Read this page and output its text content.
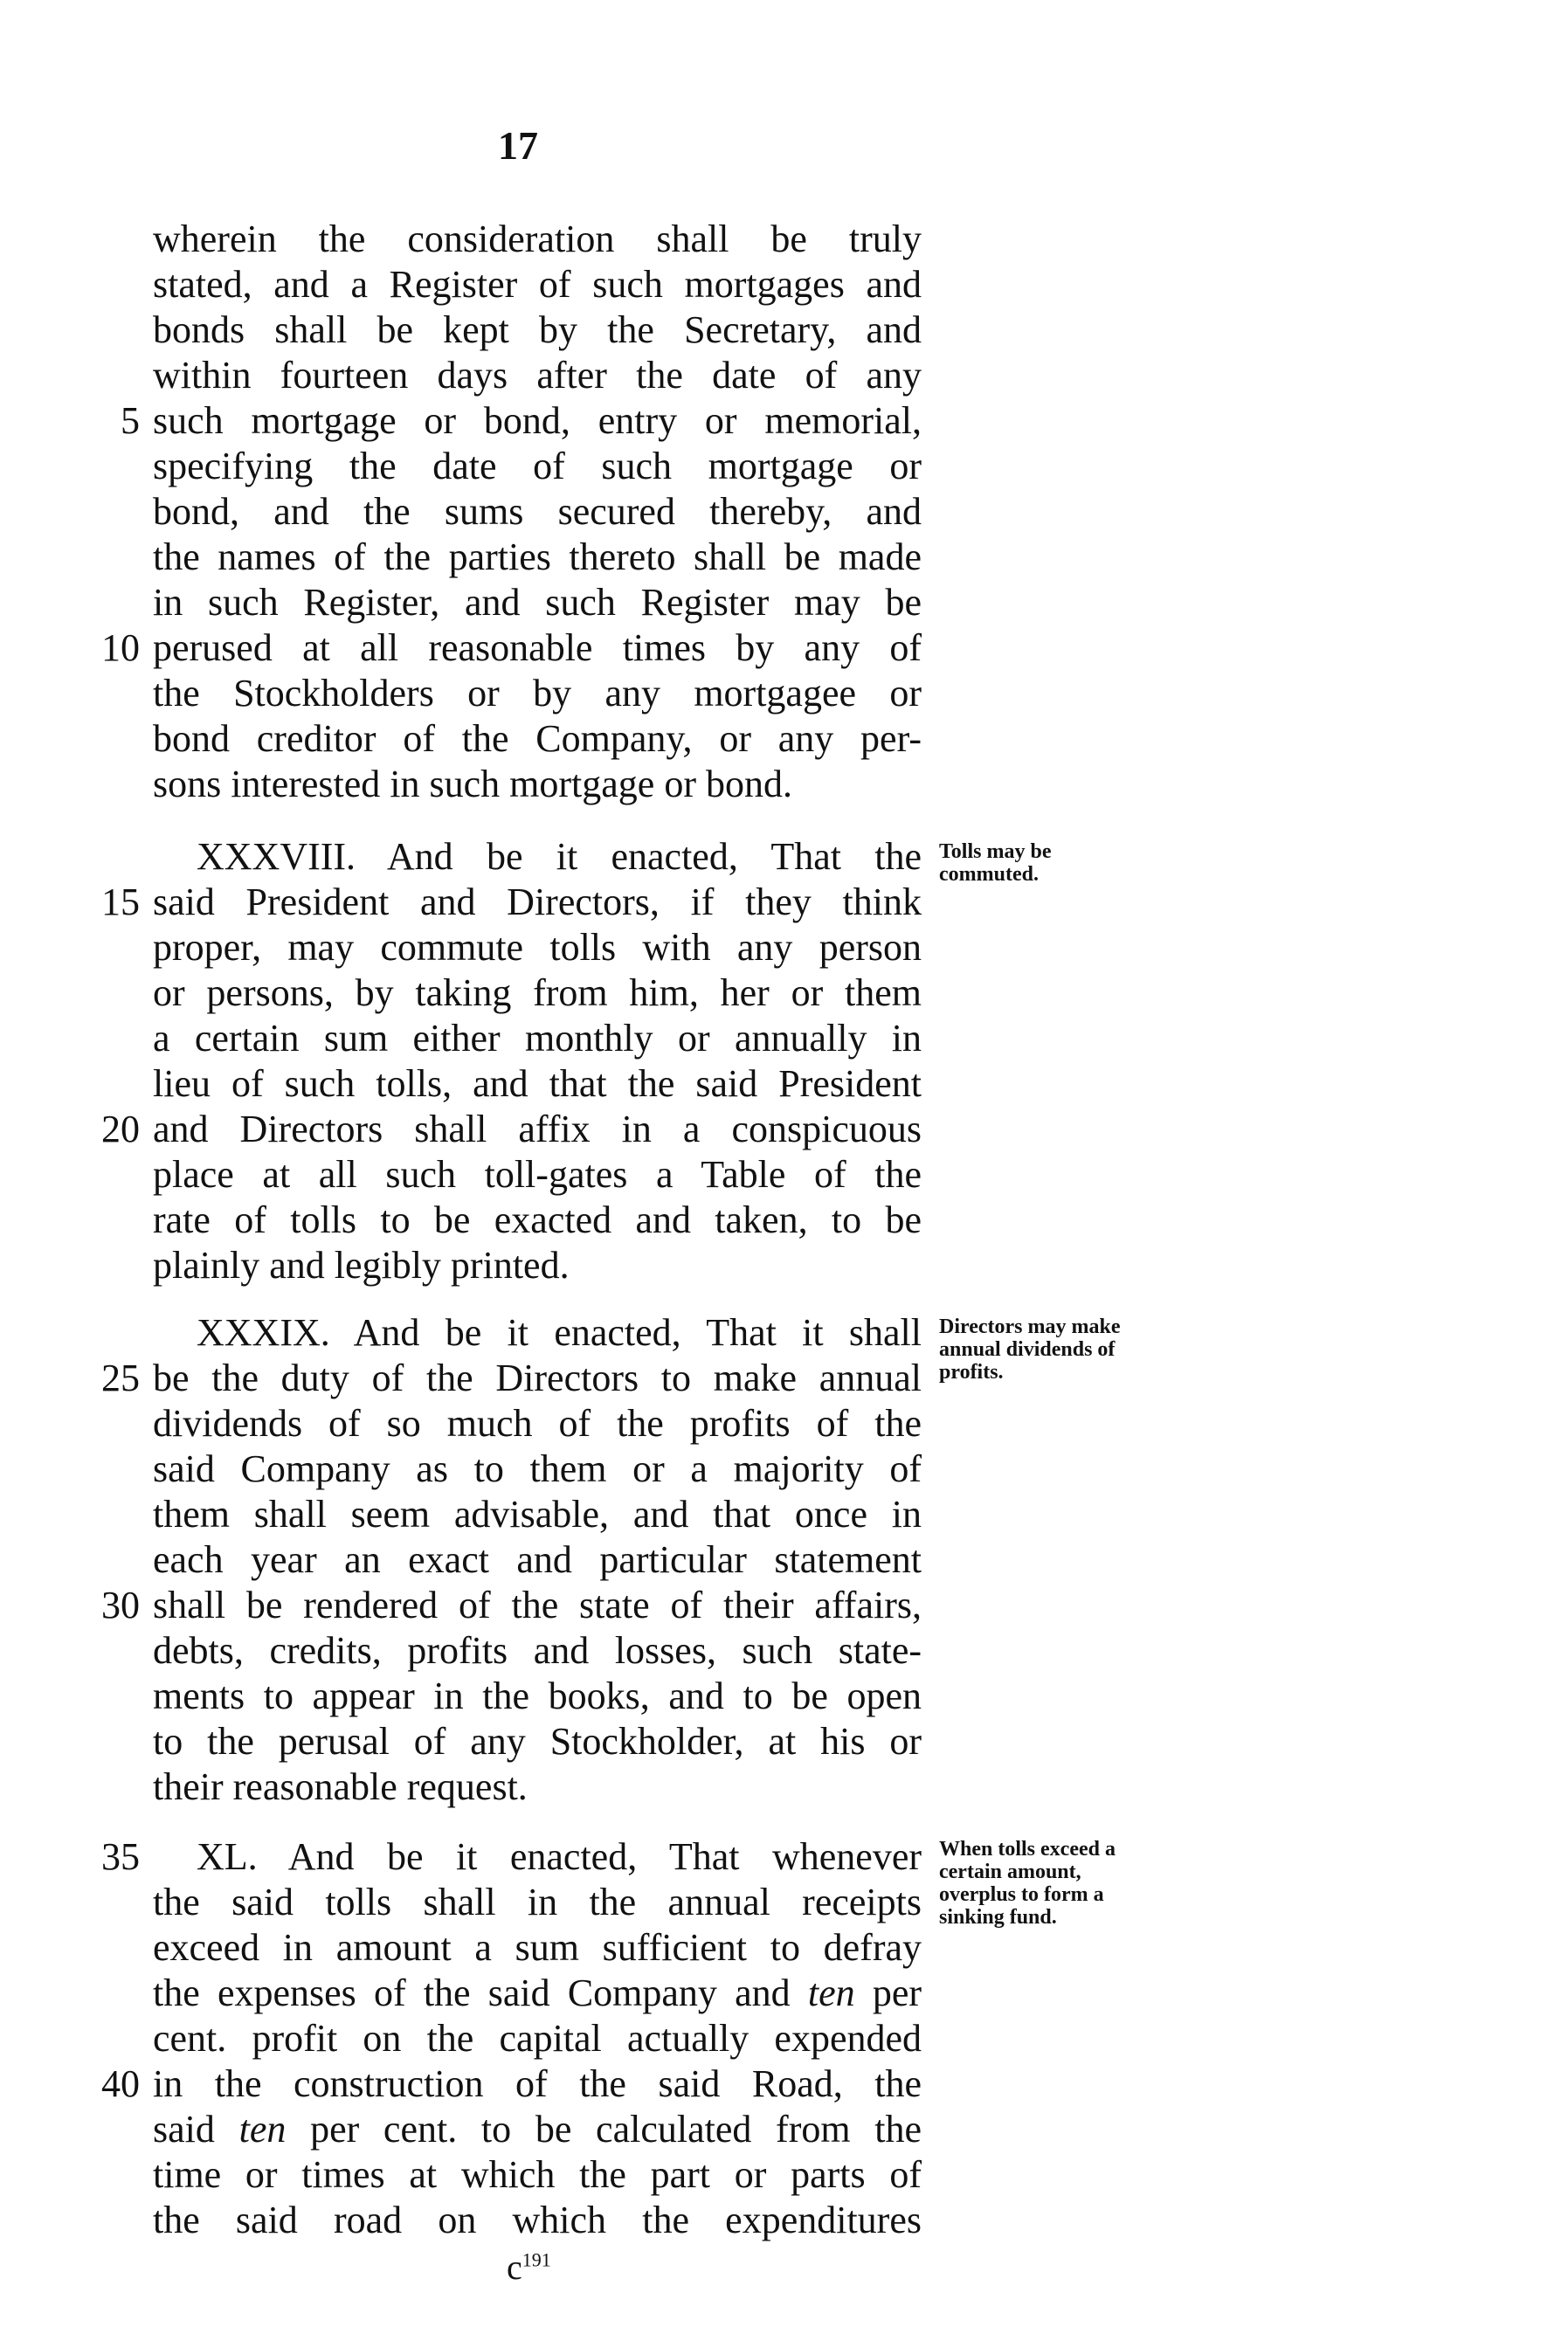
17
wherein the consideration shall be truly
stated, and a Register of such mortgages and
bonds shall be kept by the Secretary, and
within fourteen days after the date of any
5 such mortgage or bond, entry or memorial,
specifying the date of such mortgage or
bond, and the sums secured thereby, and
the names of the parties thereto shall be made
in such Register, and such Register may be
10 perused at all reasonable times by any of
the Stockholders or by any mortgagee or
bond creditor of the Company, or any per-
sons interested in such mortgage or bond.
XXXVIII. And be it enacted, That the Tolls may be commuted.
15 said President and Directors, if they think
proper, may commute tolls with any person
or persons, by taking from him, her or them
a certain sum either monthly or annually in
lieu of such tolls, and that the said President
20 and Directors shall affix in a conspicuous
place at all such toll-gates a Table of the
rate of tolls to be exacted and taken, to be
plainly and legibly printed.
XXXIX. And be it enacted, That it shall Directors may make annual dividends of profits.
25 be the duty of the Directors to make annual
dividends of so much of the profits of the
said Company as to them or a majority of
them shall seem advisable, and that once in
each year an exact and particular statement
30 shall be rendered of the state of their affairs,
debts, credits, profits and losses, such state-
ments to appear in the books, and to be open
to the perusal of any Stockholder, at his or
their reasonable request.
35 XL. And be it enacted, That whenever When tolls exceed a certain amount, overplus to form a sinking fund.
the said tolls shall in the annual receipts
exceed in amount a sum sufficient to defray
the expenses of the said Company and ten per
cent. profit on the capital actually expended
40 in the construction of the said Road, the
said ten per cent. to be calculated from the
time or times at which the part or parts of
the said road on which the expenditures
$c^{191}$
